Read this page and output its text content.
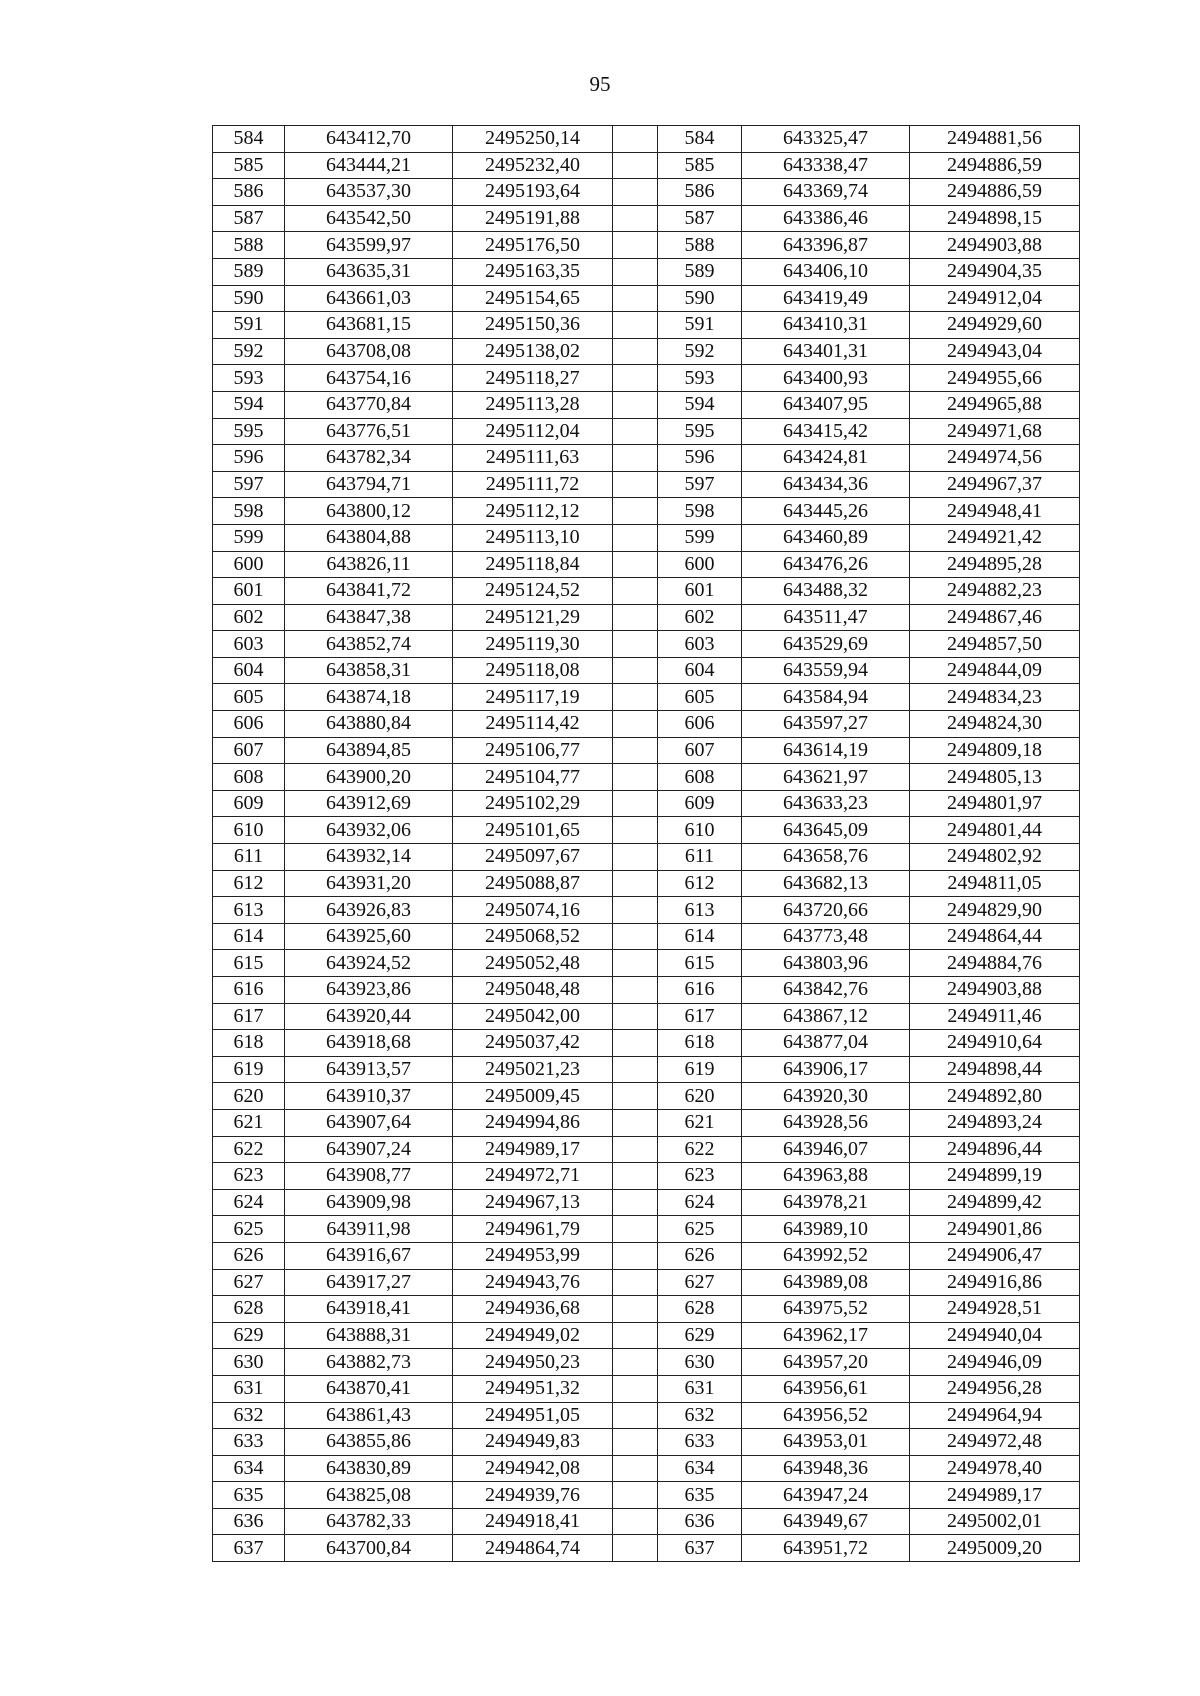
95
584	643412,70	2495250,14		584	643325,47	2494881,56
585	643444,21	2495232,40		585	643338,47	2494886,59
586	643537,30	2495193,64		586	643369,74	2494886,59
587	643542,50	2495191,88		587	643386,46	2494898,15
588	643599,97	2495176,50		588	643396,87	2494903,88
589	643635,31	2495163,35		589	643406,10	2494904,35
590	643661,03	2495154,65		590	643419,49	2494912,04
591	643681,15	2495150,36		591	643410,31	2494929,60
592	643708,08	2495138,02		592	643401,31	2494943,04
593	643754,16	2495118,27		593	643400,93	2494955,66
594	643770,84	2495113,28		594	643407,95	2494965,88
595	643776,51	2495112,04		595	643415,42	2494971,68
596	643782,34	2495111,63		596	643424,81	2494974,56
597	643794,71	2495111,72		597	643434,36	2494967,37
598	643800,12	2495112,12		598	643445,26	2494948,41
599	643804,88	2495113,10		599	643460,89	2494921,42
600	643826,11	2495118,84		600	643476,26	2494895,28
601	643841,72	2495124,52		601	643488,32	2494882,23
602	643847,38	2495121,29		602	643511,47	2494867,46
603	643852,74	2495119,30		603	643529,69	2494857,50
604	643858,31	2495118,08		604	643559,94	2494844,09
605	643874,18	2495117,19		605	643584,94	2494834,23
606	643880,84	2495114,42		606	643597,27	2494824,30
607	643894,85	2495106,77		607	643614,19	2494809,18
608	643900,20	2495104,77		608	643621,97	2494805,13
609	643912,69	2495102,29		609	643633,23	2494801,97
610	643932,06	2495101,65		610	643645,09	2494801,44
611	643932,14	2495097,67		611	643658,76	2494802,92
612	643931,20	2495088,87		612	643682,13	2494811,05
613	643926,83	2495074,16		613	643720,66	2494829,90
614	643925,60	2495068,52		614	643773,48	2494864,44
615	643924,52	2495052,48		615	643803,96	2494884,76
616	643923,86	2495048,48		616	643842,76	2494903,88
617	643920,44	2495042,00		617	643867,12	2494911,46
618	643918,68	2495037,42		618	643877,04	2494910,64
619	643913,57	2495021,23		619	643906,17	2494898,44
620	643910,37	2495009,45		620	643920,30	2494892,80
621	643907,64	2494994,86		621	643928,56	2494893,24
622	643907,24	2494989,17		622	643946,07	2494896,44
623	643908,77	2494972,71		623	643963,88	2494899,19
624	643909,98	2494967,13		624	643978,21	2494899,42
625	643911,98	2494961,79		625	643989,10	2494901,86
626	643916,67	2494953,99		626	643992,52	2494906,47
627	643917,27	2494943,76		627	643989,08	2494916,86
628	643918,41	2494936,68		628	643975,52	2494928,51
629	643888,31	2494949,02		629	643962,17	2494940,04
630	643882,73	2494950,23		630	643957,20	2494946,09
631	643870,41	2494951,32		631	643956,61	2494956,28
632	643861,43	2494951,05		632	643956,52	2494964,94
633	643855,86	2494949,83		633	643953,01	2494972,48
634	643830,89	2494942,08		634	643948,36	2494978,40
635	643825,08	2494939,76		635	643947,24	2494989,17
636	643782,33	2494918,41		636	643949,67	2495002,01
637	643700,84	2494864,74		637	643951,72	2495009,20
